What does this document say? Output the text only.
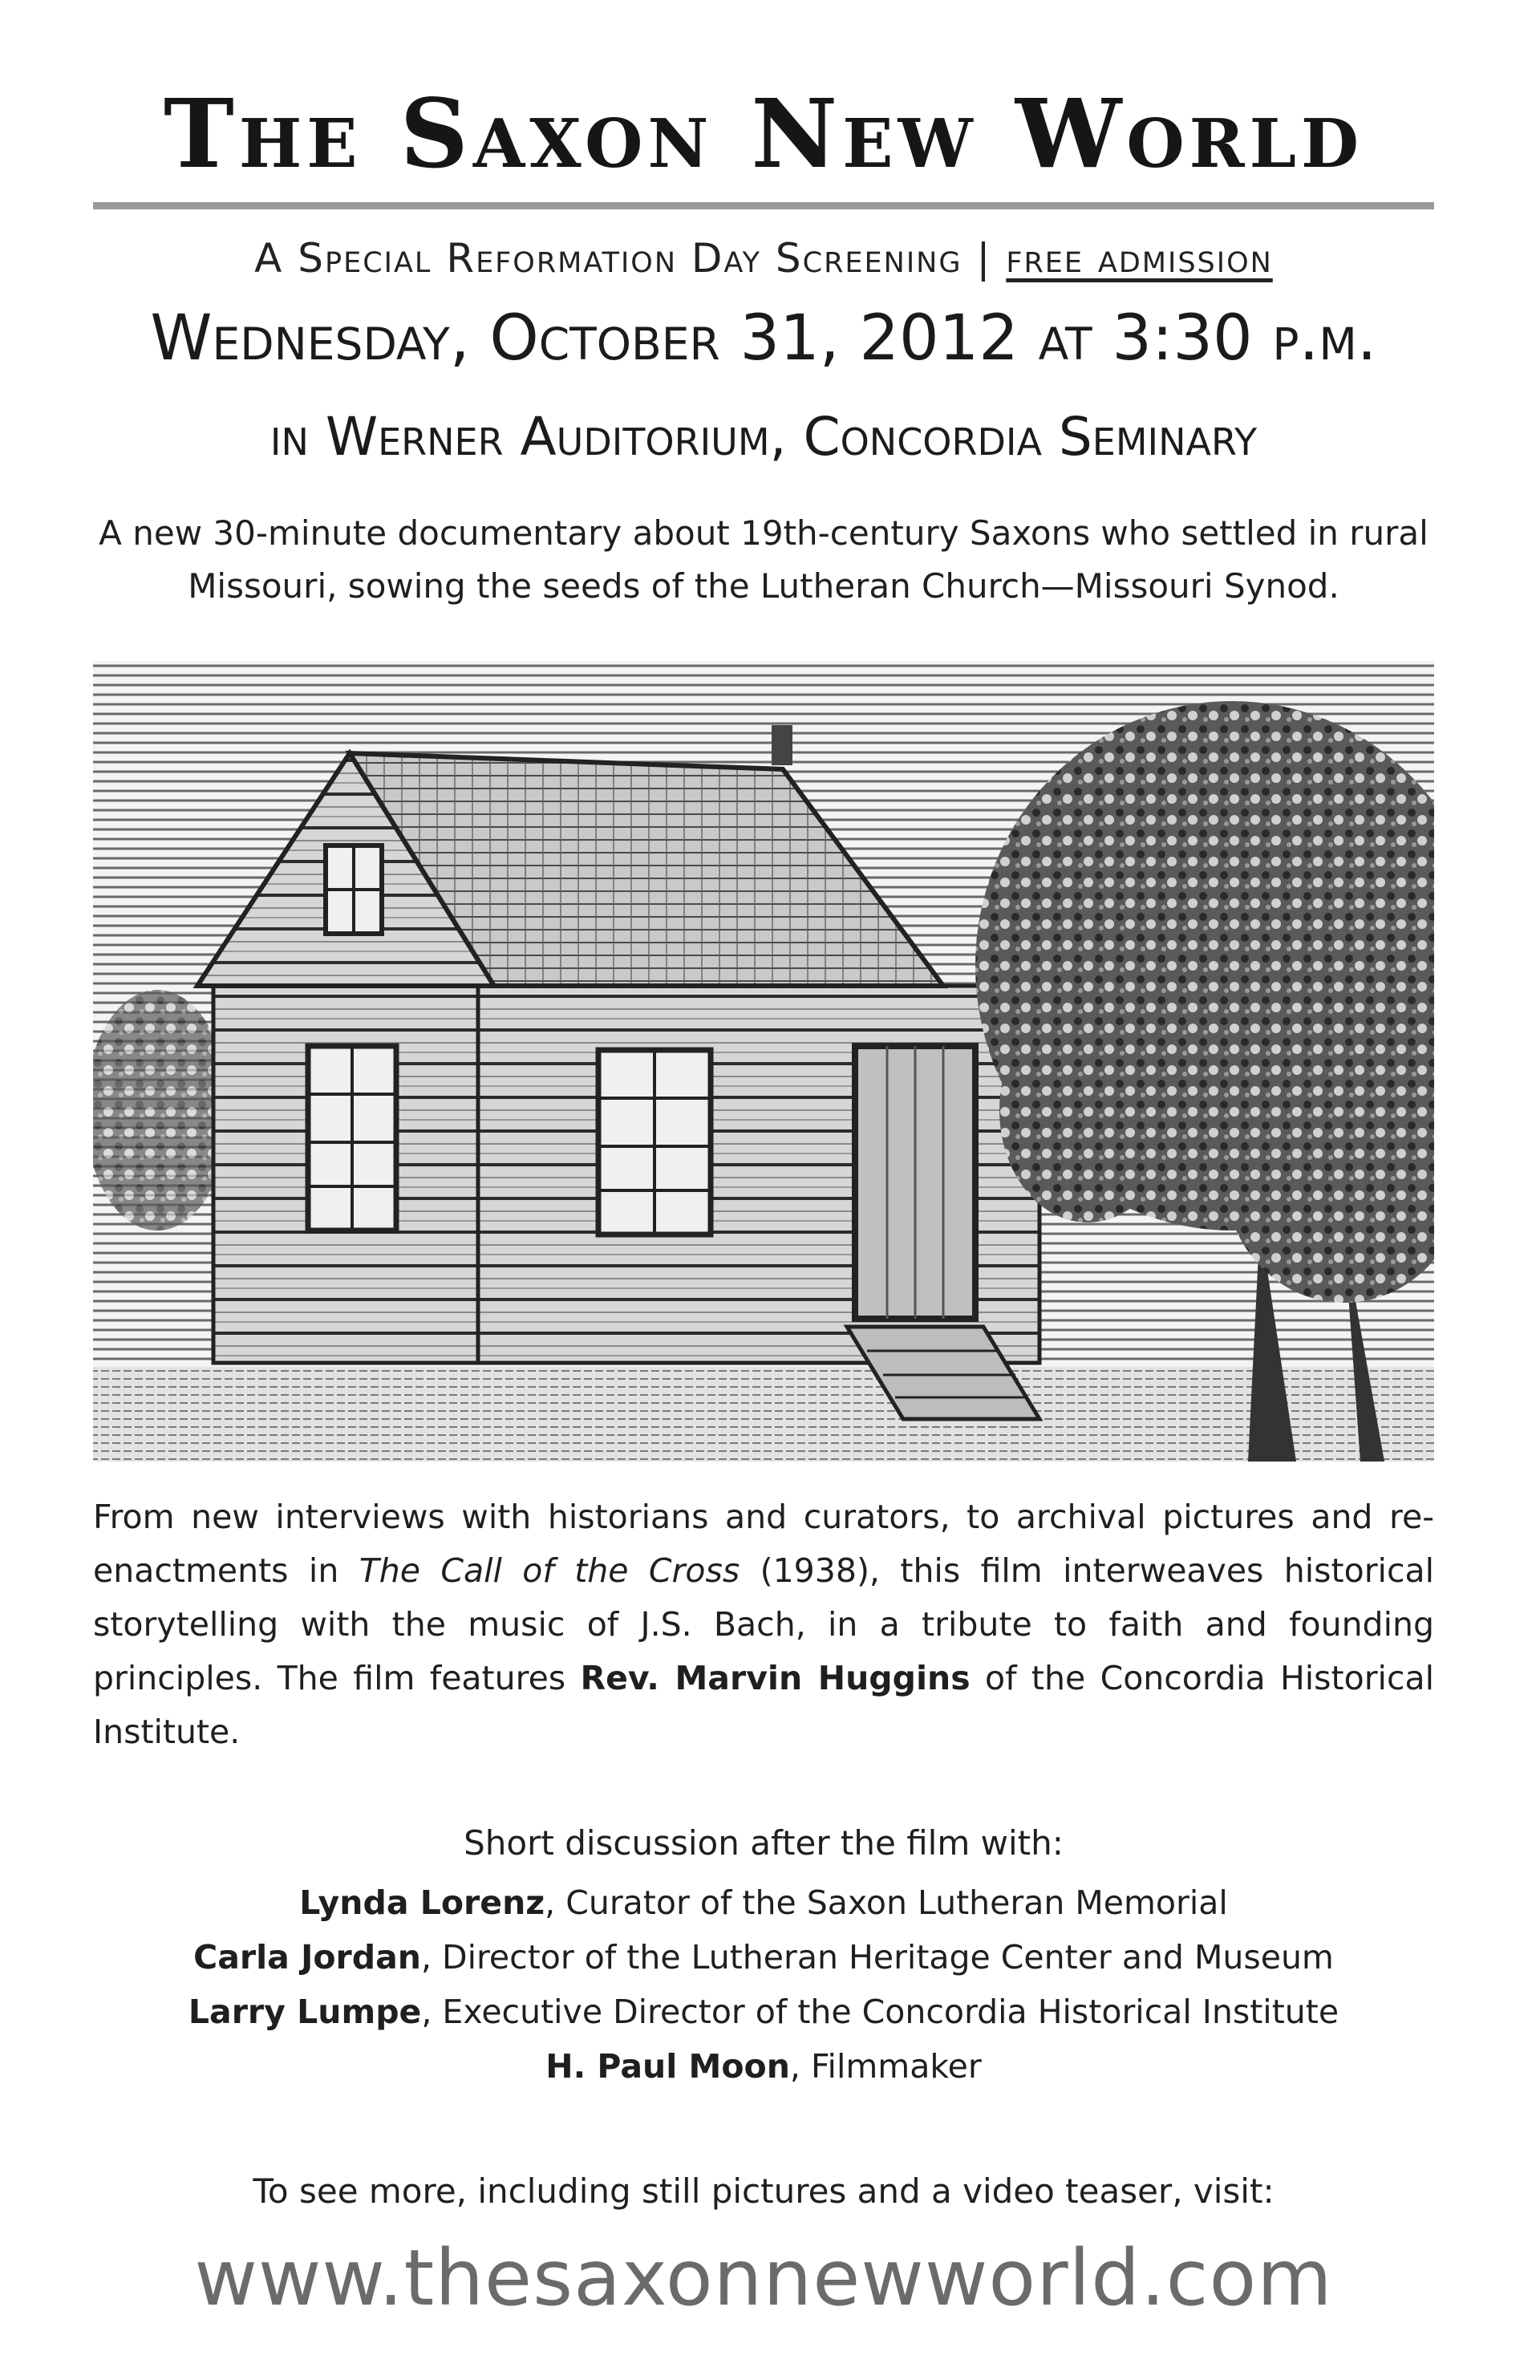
The Saxon New World
A Special Reformation Day Screening | free admission
Wednesday, October 31, 2012 at 3:30 p.m.
in Werner Auditorium, Concordia Seminary
A new 30-minute documentary about 19th-century Saxons who settled in rural Missouri, sowing the seeds of the Lutheran Church—Missouri Synod.
From new interviews with historians and curators, to archival pictures and re-enactments in The Call of the Cross (1938), this film interweaves historical storytelling with the music of J.S. Bach, in a tribute to faith and founding principles. The film features Rev. Marvin Huggins of the Concordia Historical Institute.
Short discussion after the film with:
Lynda Lorenz, Curator of the Saxon Lutheran Memorial
Carla Jordan, Director of the Lutheran Heritage Center and Museum
Larry Lumpe, Executive Director of the Concordia Historical Institute
H. Paul Moon, Filmmaker
To see more, including still pictures and a video teaser, visit:
www.thesaxonnewworld.com
